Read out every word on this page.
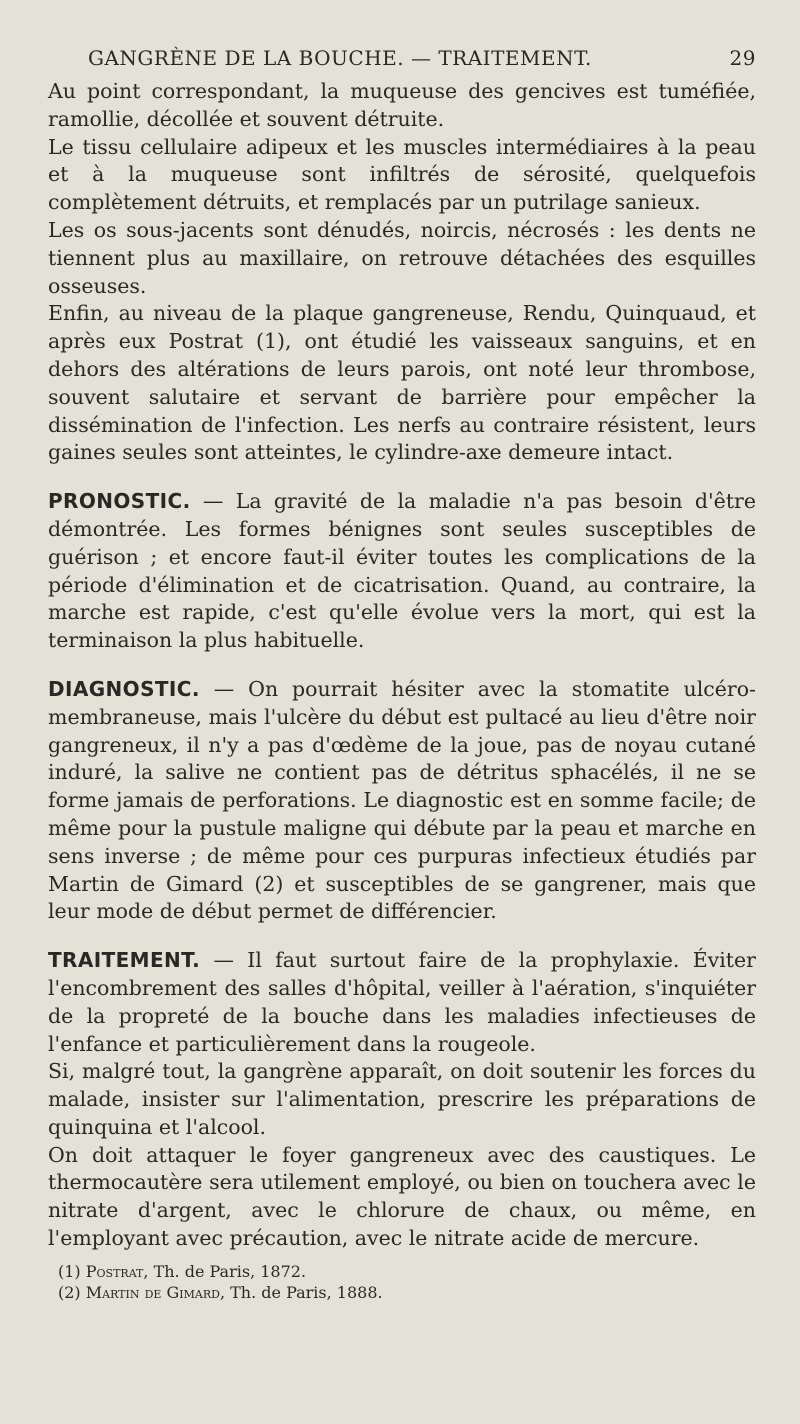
GANGRÈNE DE LA BOUCHE. — TRAITEMENT.	29

Au point correspondant, la muqueuse des gencives est tuméfiée, ramollie, décollée et souvent détruite.

Le tissu cellulaire adipeux et les muscles intermédiaires à la peau et à la muqueuse sont infiltrés de sérosité, quelquefois complètement détruits, et remplacés par un putrilage sanieux.

Les os sous-jacents sont dénudés, noircis, nécrosés : les dents ne tiennent plus au maxillaire, on retrouve détachées des esquilles osseuses.

Enfin, au niveau de la plaque gangreneuse, Rendu, Quinquaud, et après eux Postrat (1), ont étudié les vaisseaux sanguins, et en dehors des altérations de leurs parois, ont noté leur thrombose, souvent salutaire et servant de barrière pour empêcher la dissémination de l'infection. Les nerfs au contraire résistent, leurs gaines seules sont atteintes, le cylindre-axe demeure intact.

PRONOSTIC. — La gravité de la maladie n'a pas besoin d'être démontrée. Les formes bénignes sont seules susceptibles de guérison ; et encore faut-il éviter toutes les complications de la période d'élimination et de cicatrisation. Quand, au contraire, la marche est rapide, c'est qu'elle évolue vers la mort, qui est la terminaison la plus habituelle.

DIAGNOSTIC. — On pourrait hésiter avec la stomatite ulcéro-membraneuse, mais l'ulcère du début est pultacé au lieu d'être noir gangreneux, il n'y a pas d'œdème de la joue, pas de noyau cutané induré, la salive ne contient pas de détritus sphacélés, il ne se forme jamais de perforations. Le diagnostic est en somme facile; de même pour la pustule maligne qui débute par la peau et marche en sens inverse ; de même pour ces purpuras infectieux étudiés par Martin de Gimard (2) et susceptibles de se gangrener, mais que leur mode de début permet de différencier.

TRAITEMENT. — Il faut surtout faire de la prophylaxie. Éviter l'encombrement des salles d'hôpital, veiller à l'aération, s'inquiéter de la propreté de la bouche dans les maladies infectieuses de l'enfance et particulièrement dans la rougeole.

Si, malgré tout, la gangrène apparaît, on doit soutenir les forces du malade, insister sur l'alimentation, prescrire les préparations de quinquina et l'alcool.

On doit attaquer le foyer gangreneux avec des caustiques. Le thermocautère sera utilement employé, ou bien on touchera avec le nitrate d'argent, avec le chlorure de chaux, ou même, en l'employant avec précaution, avec le nitrate acide de mercure.

(1) Postrat, Th. de Paris, 1872.
(2) Martin de Gimard, Th. de Paris, 1888.
